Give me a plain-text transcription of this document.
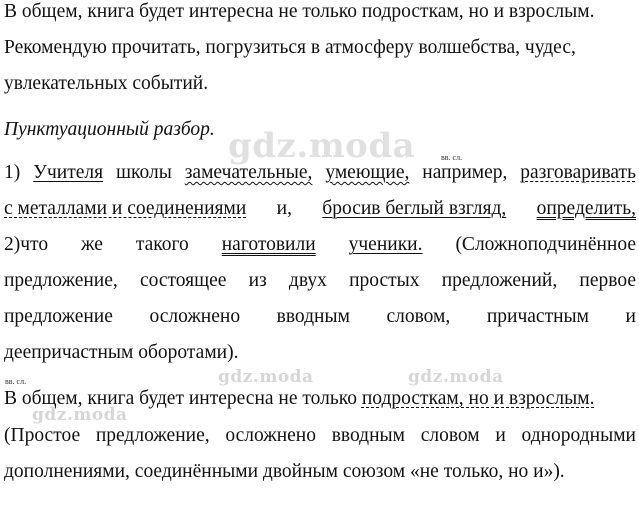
В общем, книга будет интересна не только подросткам, но и взрослым.
Рекомендую прочитать, погрузиться в атмосферу волшебства, чудес,
увлекательных событий.
Пунктуационный разбор. gdz.moda	вв. сл.
1) Учителя школы замечательные, умеющие, например, разговаривать
с металлами и соединениями и, бросив беглый взгляд, определить,
2)что же такого наготовили ученики. (Сложноподчинённое
предложение, состоящее из двух простых предложений, первое
предложение осложнено вводным словом, причастным и
деепричастным оборотами).
вв. сл.	gdz.moda	gdz.moda
gdz.moda
В общем, книга будет интересна не только подросткам, но и взрослым.
(Простое предложение, осложнено вводным словом и однородными
дополнениями, соединёнными двойным союзом «не только, но и»).
